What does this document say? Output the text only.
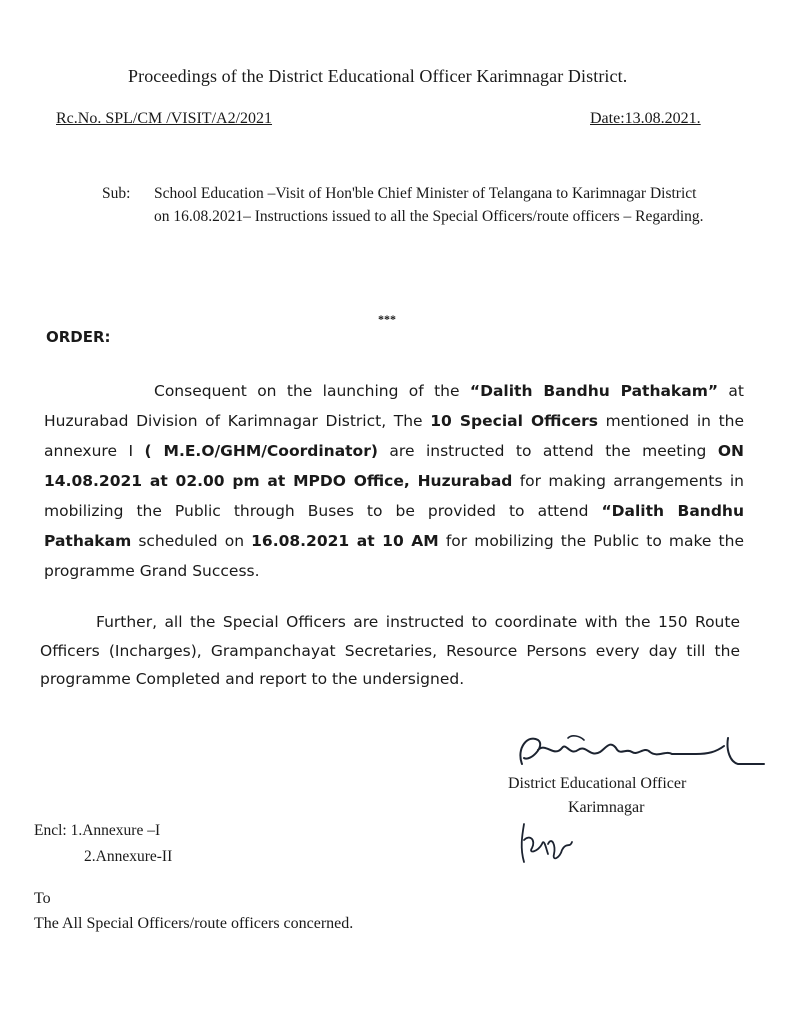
Proceedings of the District Educational Officer Karimnagar District.
Rc.No. SPL/CM /VISIT/A2/2021	Date:13.08.2021.
Sub: School Education –Visit of Hon'ble Chief Minister of Telangana to Karimnagar District on 16.08.2021– Instructions issued to all the Special Officers/route officers – Regarding.
***
ORDER:
Consequent on the launching of the “Dalith Bandhu Pathakam” at Huzurabad Division of Karimnagar District, The 10 Special Officers mentioned in the annexure I ( M.E.O/GHM/Coordinator) are instructed to attend the meeting ON 14.08.2021 at 02.00 pm at MPDO Office, Huzurabad for making arrangements in mobilizing the Public through Buses to be provided to attend “Dalith Bandhu Pathakam scheduled on 16.08.2021 at 10 AM for mobilizing the Public to make the programme Grand Success.
Further, all the Special Officers are instructed to coordinate with the 150 Route Officers (Incharges), Grampanchayat Secretaries, Resource Persons every day till the programme Completed and report to the undersigned.
District Educational Officer
Karimnagar
Encl: 1.Annexure –I
2.Annexure-II
To
The All Special Officers/route officers concerned.
